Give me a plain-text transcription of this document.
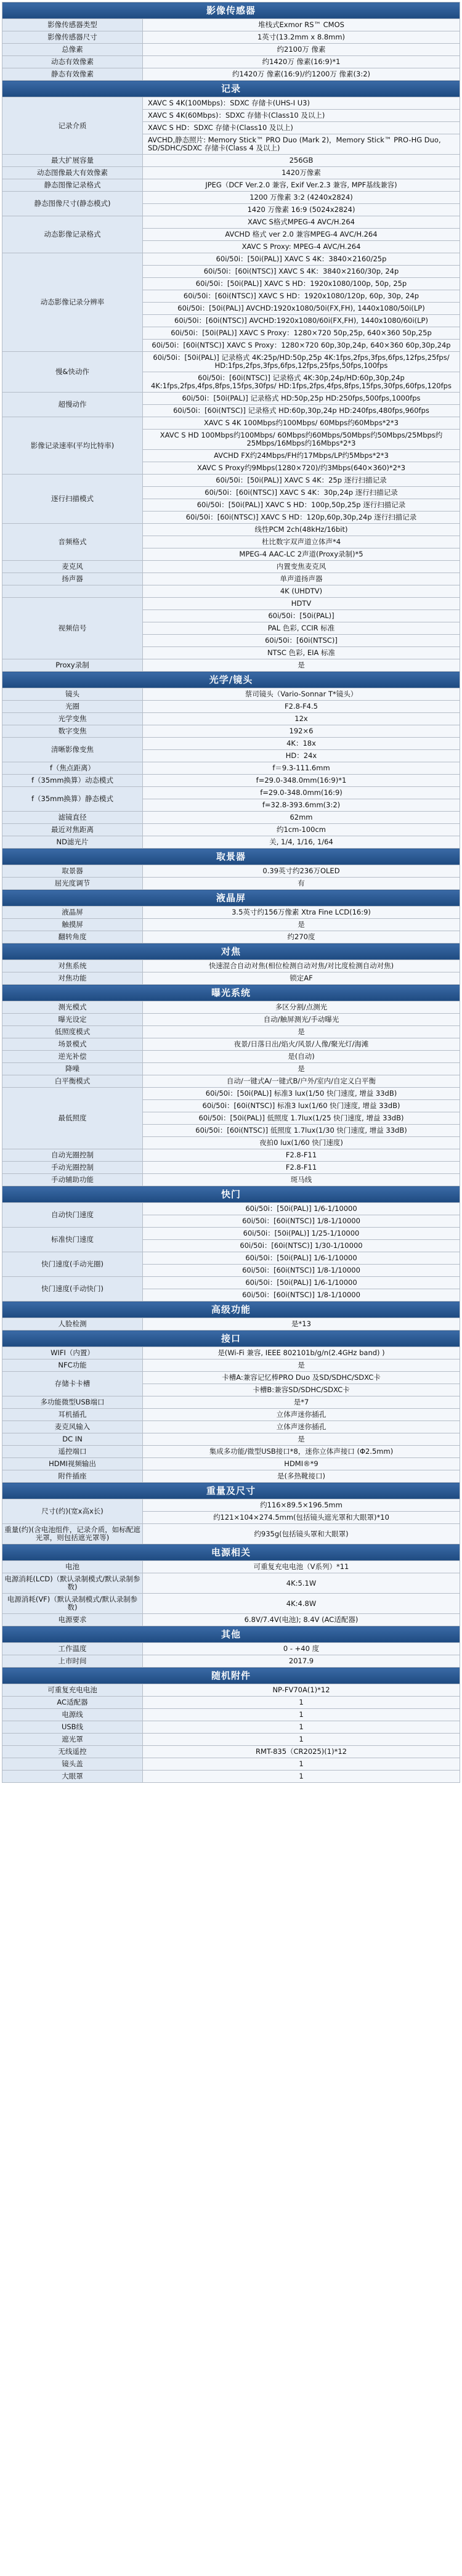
影像传感器	
影像传感器类型	堆栈式Exmor RS™ CMOS
影像传感器尺寸	1英寸(13.2mm x 8.8mm)
总像素	约2100万 像素
动态有效像素	约1420万 像素(16:9)*1
静态有效像素	约1420万 像素(16:9)/约1200万 像素(3:2)
记录	
记录介质	XAVC S 4K(100Mbps)：SDXC 存储卡(UHS-I U3)
	XAVC S 4K(60Mbps)：SDXC 存储卡(Class10 及以上)
	XAVC S HD：SDXC 存储卡(Class10 及以上)
	AVCHD,静态照片: Memory Stick™ PRO Duo (Mark 2)，Memory Stick™ PRO-HG Duo, SD/SDHC/SDXC 存储卡(Class 4 及以上)
最大扩展容量	256GB
动态图像最大有效像素	1420万像素
静态图像记录格式	JPEG（DCF Ver.2.0 兼容, Exif Ver.2.3 兼容, MPF基线兼容)
静态图像尺寸(静态模式)	1200 万像素 3:2 (4240x2824)
	1420 万像素 16:9 (5024x2824)
动态影像记录格式	XAVC S格式MPEG-4 AVC/H.264
	AVCHD 格式 ver 2.0 兼容MPEG-4 AVC/H.264
	XAVC S Proxy: MPEG-4 AVC/H.264
动态影像记录分辨率	60i/50i：[50i(PAL)] XAVC S 4K：3840×2160/25p
	60i/50i：[60i(NTSC)] XAVC S 4K：3840×2160/30p, 24p
	60i/50i：[50i(PAL)] XAVC S HD：1920x1080/100p, 50p, 25p
	60i/50i：[60i(NTSC)] XAVC S HD：1920x1080/120p, 60p, 30p, 24p
	60i/50i：[50i(PAL)] AVCHD:1920x1080/50i(FX,FH), 1440x1080/50i(LP)
	60i/50i：[60i(NTSC)] AVCHD:1920x1080/60i(FX,FH), 1440x1080/60i(LP)
	60i/50i：[50i(PAL)] XAVC S Proxy：1280×720 50p,25p, 640×360 50p,25p
	60i/50i：[60i(NTSC)] XAVC S Proxy：1280×720 60p,30p,24p, 640×360 60p,30p,24p
慢&快动作	60i/50i：[50i(PAL)] 记录格式 4K:25p/HD:50p,25p 4K:1fps,2fps,3fps,6fps,12fps,25fps/ HD:1fps,2fps,3fps,6fps,12fps,25fps,50fps,100fps
	60i/50i：[60i(NTSC)] 记录格式 4K:30p,24p/HD:60p,30p,24p 4K:1fps,2fps,4fps,8fps,15fps,30fps/ HD:1fps,2fps,4fps,8fps,15fps,30fps,60fps,120fps
超慢动作	60i/50i：[50i(PAL)] 记录格式 HD:50p,25p HD:250fps,500fps,1000fps
	60i/50i：[60i(NTSC)] 记录格式 HD:60p,30p,24p HD:240fps,480fps,960fps
影像记录速率(平均比特率)	XAVC S 4K 100Mbps约100Mbps/ 60Mbps约60Mbps*2*3
	XAVC S HD 100Mbps约100Mbps/ 60Mbps约60Mbps/50Mbps约50Mbps/25Mbps约25Mbps/16Mbps约16Mbps*2*3
	AVCHD FX约24Mbps/FH约17Mbps/LP约5Mbps*2*3
	XAVC S Proxy约9Mbps(1280×720)/约3Mbps(640×360)*2*3
逐行扫描模式	60i/50i：[50i(PAL)] XAVC S 4K：25p 逐行扫描记录
	60i/50i：[60i(NTSC)] XAVC S 4K：30p,24p 逐行扫描记录
	60i/50i：[50i(PAL)] XAVC S HD：100p,50p,25p 逐行扫描记录
	60i/50i：[60i(NTSC)] XAVC S HD：120p,60p,30p,24p 逐行扫描记录
音频格式	线性PCM 2ch(48kHz/16bit)
	杜比数字双声道立体声*4
	MPEG-4 AAC-LC 2声道(Proxy录制)*5
麦克风	内置变焦麦克风
扬声器	单声道扬声器
	4K (UHDTV)
视频信号	HDTV
	60i/50i：[50i(PAL)]
	PAL 色彩, CCIR 标准
	60i/50i：[60i(NTSC)]
	NTSC 色彩, EIA 标准
Proxy录制	是
光学/镜头	
镜头	蔡司镜头（Vario-Sonnar T*镜头）
光圈	F2.8-F4.5
光学变焦	12x
数字变焦	192×6
清晰影像变焦	4K：18x
	HD：24x
f（焦点距离）	f＝9.3-111.6mm
f（35mm换算）动态模式	f=29.0-348.0mm(16:9)*1
f（35mm换算）静态模式	f=29.0-348.0mm(16:9)
	f=32.8-393.6mm(3:2)
滤镜直径	62mm
最近对焦距离	约1cm-100cm
ND滤光片	关, 1/4, 1/16, 1/64
取景器	
取景器	0.39英寸约236万OLED
屈光度调节	有
液晶屏	
液晶屏	3.5英寸约156万像素 Xtra Fine LCD(16:9)
触摸屏	是
翻转角度	约270度
对焦	
对焦系统	快速混合自动对焦(相位检测自动对焦/对比度检测自动对焦)
对焦功能	锁定AF
曝光系统	
测光模式	多区分割/点测光
曝光设定	自动/触屏测光/手动曝光
低照度模式	是
场景模式	夜景/日落日出/焰火/风景/人像/聚光灯/海滩
逆光补偿	是(自动)
降噪	是
白平衡模式	自动/一键式A/一键式B/户外/室内/自定义白平衡
最低照度	60i/50i：[50i(PAL)] 标准3 lux(1/50 快门速度, 增益 33dB)
	60i/50i：[60i(NTSC)] 标准3 lux(1/60 快门速度, 增益 33dB)
	60i/50i：[50i(PAL)] 低照度 1.7lux(1/25 快门速度, 增益 33dB)
	60i/50i：[60i(NTSC)] 低照度 1.7lux(1/30 快门速度, 增益 33dB)
	夜拍0 lux(1/60 快门速度)
自动光圈控制	F2.8-F11
手动光圈控制	F2.8-F11
手动辅助功能	斑马线
快门	
自动快门速度	60i/50i：[50i(PAL)] 1/6-1/10000
	60i/50i：[60i(NTSC)] 1/8-1/10000
标准快门速度	60i/50i：[50i(PAL)] 1/25-1/10000
	60i/50i：[60i(NTSC)] 1/30-1/10000
快门速度(手动光圈)	60i/50i：[50i(PAL)] 1/6-1/10000
	60i/50i：[60i(NTSC)] 1/8-1/10000
快门速度(手动快门)	60i/50i：[50i(PAL)] 1/6-1/10000
	60i/50i：[60i(NTSC)] 1/8-1/10000
高级功能	
人脸检测	是*13
接口	
WIFI（内置）	是(Wi-Fi 兼容, IEEE 802101b/g/n(2.4GHz band) )
NFC功能	是
存储卡卡槽	卡槽A:兼容记忆棒PRO Duo 及SD/SDHC/SDXC卡
	卡槽B:兼容SD/SDHC/SDXC卡
多功能微型USB端口	是*7
耳机插孔	立体声迷你插孔
麦克风输入	立体声迷你插孔
DC IN	是
遥控端口	集成多功能/微型USB接口*8，迷你立体声接口 (Φ2.5mm)
HDMI视频输出	HDMI®*9
附件插座	是(多热靴接口)
重量及尺寸	
尺寸(约)(宽x高x长)	约116×89.5×196.5mm
	约121×104×274.5mm(包括镜头遮光罩和大眼罩)*10
重量(约)(含电池组件，记录介质，如标配遮光罩，则包括遮光罩等)	约935g(包括镜头罩和大眼罩)
电源相关	
电池	可重复充电电池（V系列）*11
电源消耗(LCD)（默认录制模式/默认录制参数)	4K:5.1W
电源消耗(VF)（默认录制模式/默认录制参数)	4K:4.8W
电源要求	6.8V/7.4V(电池); 8.4V (AC适配器)
其他	
工作温度	0 - +40 度
上市时间	2017.9
随机附件	
可重复充电电池	NP-FV70A(1)*12
AC适配器	1
电源线	1
USB线	1
遮光罩	1
无线遥控	RMT-835（CR2025)(1)*12
镜头盖	1
大眼罩	1
